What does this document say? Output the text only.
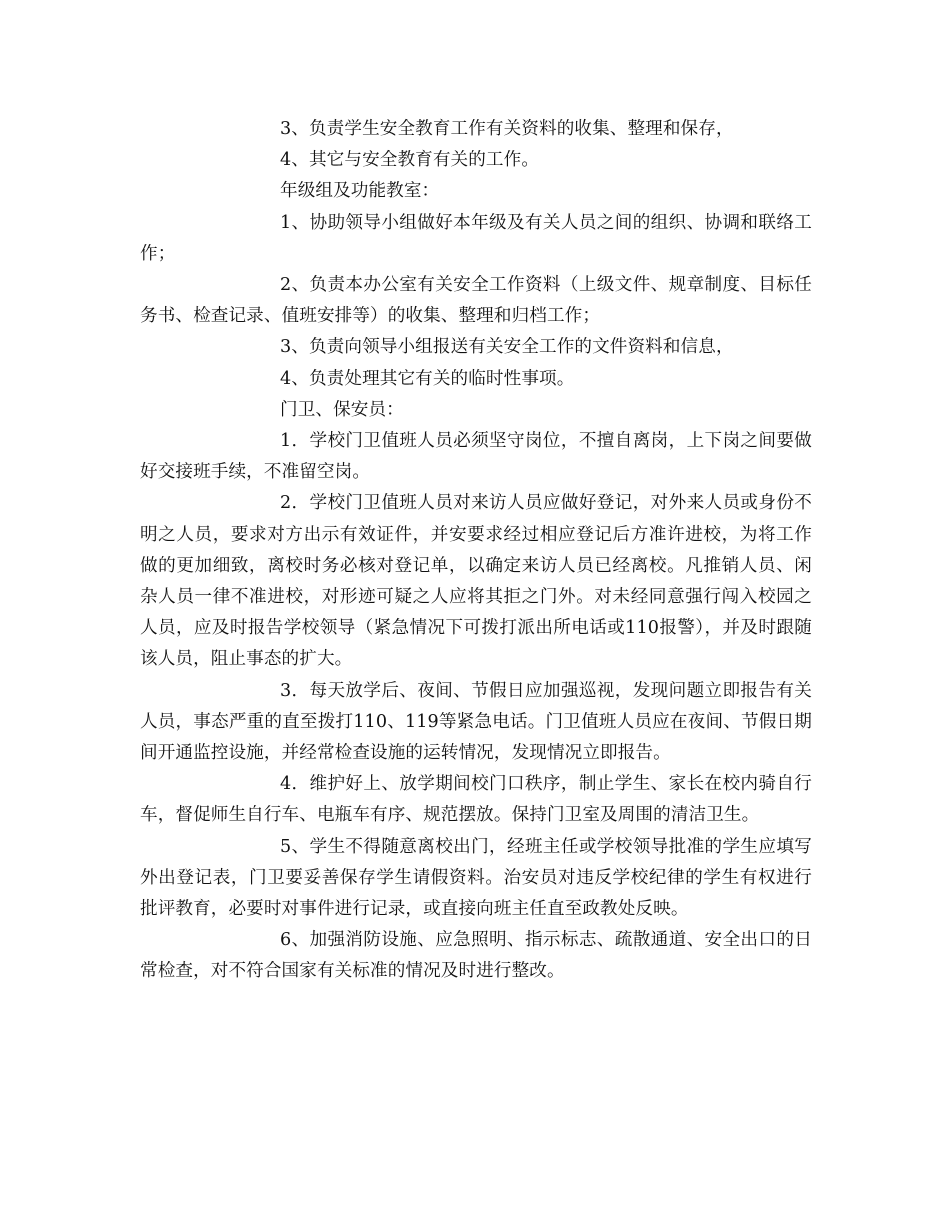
3、负责学生安全教育工作有关资料的收集、整理和保存，

4、其它与安全教育有关的工作。

年级组及功能教室：

1、协助领导小组做好本年级及有关人员之间的组织、协调和联络工作；

2、负责本办公室有关安全工作资料（上级文件、规章制度、目标任务书、检查记录、值班安排等）的收集、整理和归档工作；

3、负责向领导小组报送有关安全工作的文件资料和信息，

4、负责处理其它有关的临时性事项。

门卫、保安员：

1．学校门卫值班人员必须坚守岗位，不擅自离岗，上下岗之间要做好交接班手续，不准留空岗。

2．学校门卫值班人员对来访人员应做好登记，对外来人员或身份不明之人员，要求对方出示有效证件，并安要求经过相应登记后方准许进校，为将工作做的更加细致，离校时务必核对登记单，以确定来访人员已经离校。凡推销人员、闲杂人员一律不准进校，对形迹可疑之人应将其拒之门外。对未经同意强行闯入校园之人员，应及时报告学校领导（紧急情况下可拨打派出所电话或110报警），并及时跟随该人员，阻止事态的扩大。

3．每天放学后、夜间、节假日应加强巡视，发现问题立即报告有关人员，事态严重的直至拨打110、119等紧急电话。门卫值班人员应在夜间、节假日期间开通监控设施，并经常检查设施的运转情况，发现情况立即报告。

4．维护好上、放学期间校门口秩序，制止学生、家长在校内骑自行车，督促师生自行车、电瓶车有序、规范摆放。保持门卫室及周围的清洁卫生。

5、学生不得随意离校出门，经班主任或学校领导批准的学生应填写外出登记表，门卫要妥善保存学生请假资料。治安员对违反学校纪律的学生有权进行批评教育，必要时对事件进行记录，或直接向班主任直至政教处反映。

6、加强消防设施、应急照明、指示标志、疏散通道、安全出口的日常检查，对不符合国家有关标准的情况及时进行整改。
